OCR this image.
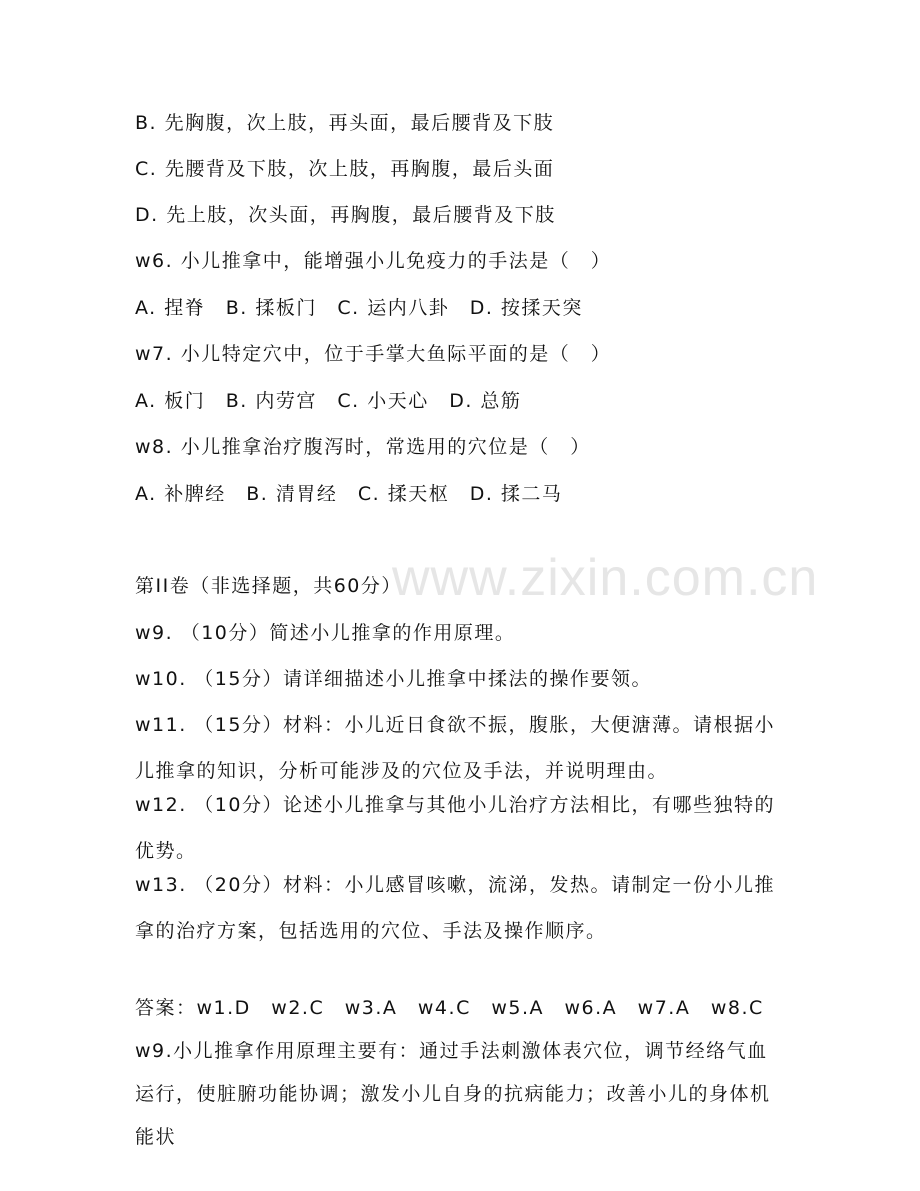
www.zixin.com.cn
B. 先胸腹，次上肢，再头面，最后腰背及下肢
C. 先腰背及下肢，次上肢，再胸腹，最后头面
D. 先上肢，次头面，再胸腹，最后腰背及下肢
w6. 小儿推拿中，能增强小儿免疫力的手法是（　）
A. 捏脊　B. 揉板门　C. 运内八卦　D. 按揉天突
w7. 小儿特定穴中，位于手掌大鱼际平面的是（　）
A. 板门　B. 内劳宫　C. 小天心　D. 总筋
w8. 小儿推拿治疗腹泻时，常选用的穴位是（　）
A. 补脾经　B. 清胃经　C. 揉天枢　D. 揉二马
第II卷（非选择题，共60分）
w9. （10分）简述小儿推拿的作用原理。
w10. （15分）请详细描述小儿推拿中揉法的操作要领。
w11. （15分）材料：小儿近日食欲不振，腹胀，大便溏薄。请根据小儿推拿的知识，分析可能涉及的穴位及手法，并说明理由。
w12. （10分）论述小儿推拿与其他小儿治疗方法相比，有哪些独特的优势。
w13. （20分）材料：小儿感冒咳嗽，流涕，发热。请制定一份小儿推拿的治疗方案，包括选用的穴位、手法及操作顺序。
答案：w1.D　w2.C　w3.A　w4.C　w5.A　w6.A　w7.A　w8.C　w9.小儿推拿作用原理主要有：通过手法刺激体表穴位，调节经络气血运行，使脏腑功能协调；激发小儿自身的抗病能力；改善小儿的身体机能状
